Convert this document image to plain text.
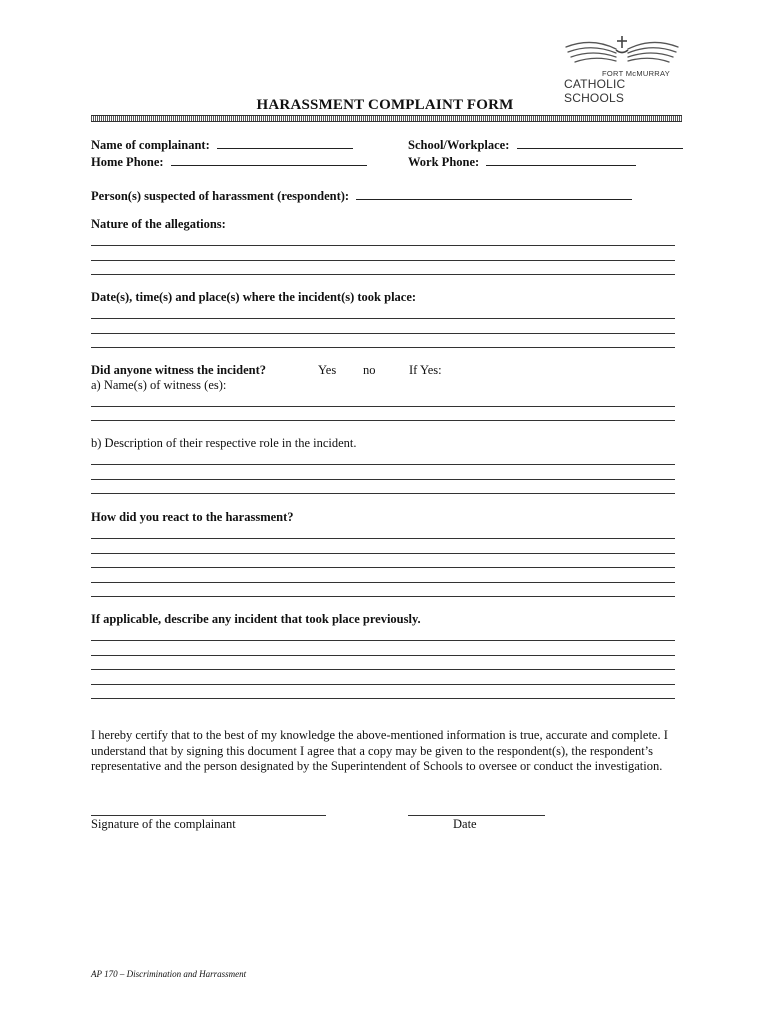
FORT McMURRAY
CATHOLIC SCHOOLS
HARASSMENT COMPLAINT FORM
Name of complainant:	School/Workplace:
Home Phone:	Work Phone:
Person(s) suspected of harassment (respondent):
Nature of the allegations:
Date(s), time(s) and place(s) where the incident(s) took place:
Did anyone witness the incident?	Yes no	If Yes:
a) Name(s) of witness (es):
b) Description of their respective role in the incident.
How did you react to the harassment?
If applicable, describe any incident that took place previously.
I hereby certify that to the best of my knowledge the above-mentioned information is true, accurate and complete. I understand that by signing this document I agree that a copy may be given to the respondent(s), the respondent’s representative and the person designated by the Superintendent of Schools to oversee or conduct the investigation.
Signature of the complainant	Date
AP 170 – Discrimination and Harrassment
